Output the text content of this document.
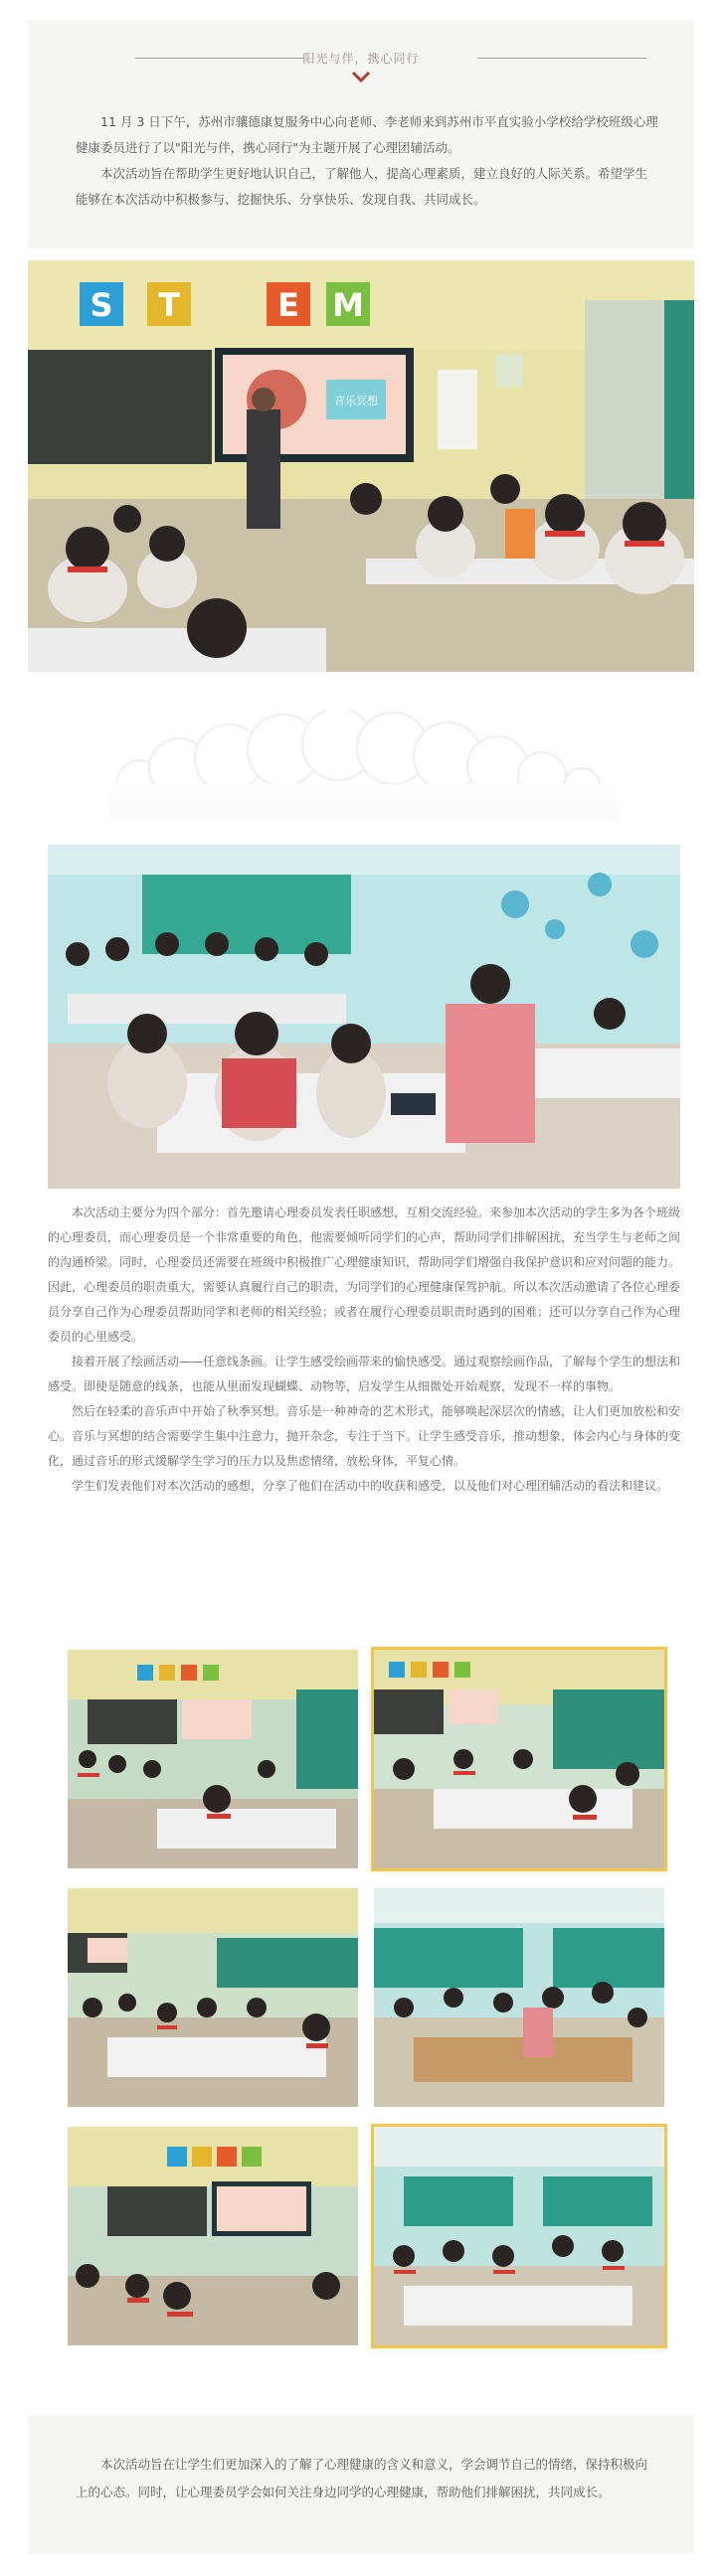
阳光与伴，携心同行

11 月 3 日下午，苏州市骧德康复服务中心向老师、李老师来到苏州市平直实验小学校给学校班级心理健康委员进行了以"阳光与伴，携心同行"为主题开展了心理团辅活动。

本次活动旨在帮助学生更好地认识自己，了解他人，提高心理素质，建立良好的人际关系。希望学生能够在本次活动中积极参与、挖掘快乐、分享快乐、发现自我、共同成长。

S T	E M
音乐冥想

本次活动主要分为四个部分：首先邀请心理委员发表任职感想，互相交流经验。来参加本次活动的学生多为各个班级的心理委员，而心理委员是一个非常重要的角色，他需要倾听同学们的心声，帮助同学们排解困扰，充当学生与老师之间的沟通桥梁。同时，心理委员还需要在班级中积极推广心理健康知识，帮助同学们增强自我保护意识和应对问题的能力。因此，心理委员的职责重大，需要认真履行自己的职责，为同学们的心理健康保驾护航。所以本次活动邀请了各位心理委员分享自己作为心理委员帮助同学和老师的相关经验；或者在履行心理委员职责时遇到的困难；还可以分享自己作为心理委员的心里感受。

接着开展了绘画活动——任意线条画。让学生感受绘画带来的愉快感受。通过观察绘画作品，了解每个学生的想法和感受。即使是随意的线条，也能从里面发现蝴蝶、动物等，启发学生从细微处开始观察，发现不一样的事物。

然后在轻柔的音乐声中开始了秋季冥想。音乐是一种神奇的艺术形式，能够唤起深层次的情感，让人们更加放松和安心。音乐与冥想的结合需要学生集中注意力，抛开杂念，专注于当下。让学生感受音乐，推动想象，体会内心与身体的变化，通过音乐的形式缓解学生学习的压力以及焦虑情绪，放松身体，平复心情。

学生们发表他们对本次活动的感想，分享了他们在活动中的收获和感受，以及他们对心理团辅活动的看法和建议。

本次活动旨在让学生们更加深入的了解了心理健康的含义和意义，学会调节自己的情绪，保持积极向上的心态。同时，让心理委员学会如何关注身边同学的心理健康，帮助他们排解困扰，共同成长。
